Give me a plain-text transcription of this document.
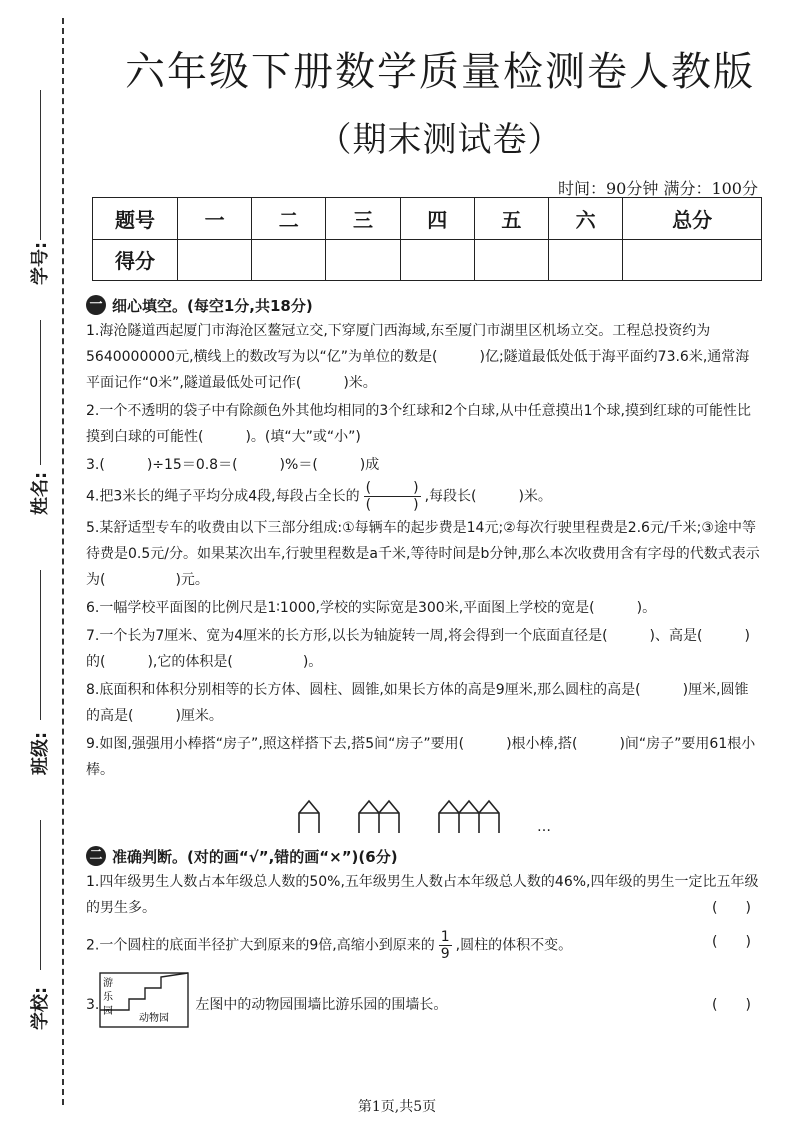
学号:
姓名:
班级:
学校:
六年级下册数学质量检测卷人教版
（期末测试卷）
时间：90分钟 满分：100分
题号	一	二	三	四	五	六	总分
得分							
一 细心填空。(每空1分,共18分)
1.海沧隧道西起厦门市海沧区鳌冠立交,下穿厦门西海域,东至厦门市湖里区机场立交。工程总投资约为5640000000元,横线上的数改写为以“亿”为单位的数是(　　　)亿;隧道最低处低于海平面约73.6米,通常海平面记作“0米”,隧道最低处可记作(　　　)米。
2.一个不透明的袋子中有除颜色外其他均相同的3个红球和2个白球,从中任意摸出1个球,摸到红球的可能性比摸到白球的可能性(　　　)。(填“大”或“小”)
3.(　　　)÷15＝0.8＝(　　　)%＝(　　　)成
4.把3米长的绳子平均分成4段,每段占全长的 $\frac{( )}{( )}$ ,每段长(　　　)米。
5.某舒适型专车的收费由以下三部分组成:①每辆车的起步费是14元;②每次行驶里程费是2.6元/千米;③途中等待费是0.5元/分。如果某次出车,行驶里程数是a千米,等待时间是b分钟,那么本次收费用含有字母的代数式表示为(　　　　　)元。
6.一幅学校平面图的比例尺是1∶1000,学校的实际宽是300米,平面图上学校的宽是(　　　)。
7.一个长为7厘米、宽为4厘米的长方形,以长为轴旋转一周,将会得到一个底面直径是(　　　)、高是(　　　)的(　　　),它的体积是(　　　　　)。
8.底面积和体积分别相等的长方体、圆柱、圆锥,如果长方体的高是9厘米,那么圆柱的高是(　　　)厘米,圆锥的高是(　　　)厘米。
9.如图,强强用小棒搭“房子”,照这样搭下去,搭5间“房子”要用(　　　)根小棒,搭(　　　)间“房子”要用61根小棒。
…
二 准确判断。(对的画“√”,错的画“×”)(6分)
1.四年级男生人数占本年级总人数的50%,五年级男生人数占本年级总人数的46%,四年级的男生一定比五年级的男生多。	(　　)
2.一个圆柱的底面半径扩大到原来的9倍,高缩小到原来的 $\frac{1}{9}$ ,圆柱的体积不变。	(　　)
3.
游
乐
园
动物园
左图中的动物园围墙比游乐园的围墙长。	(　　)
第1页,共5页
